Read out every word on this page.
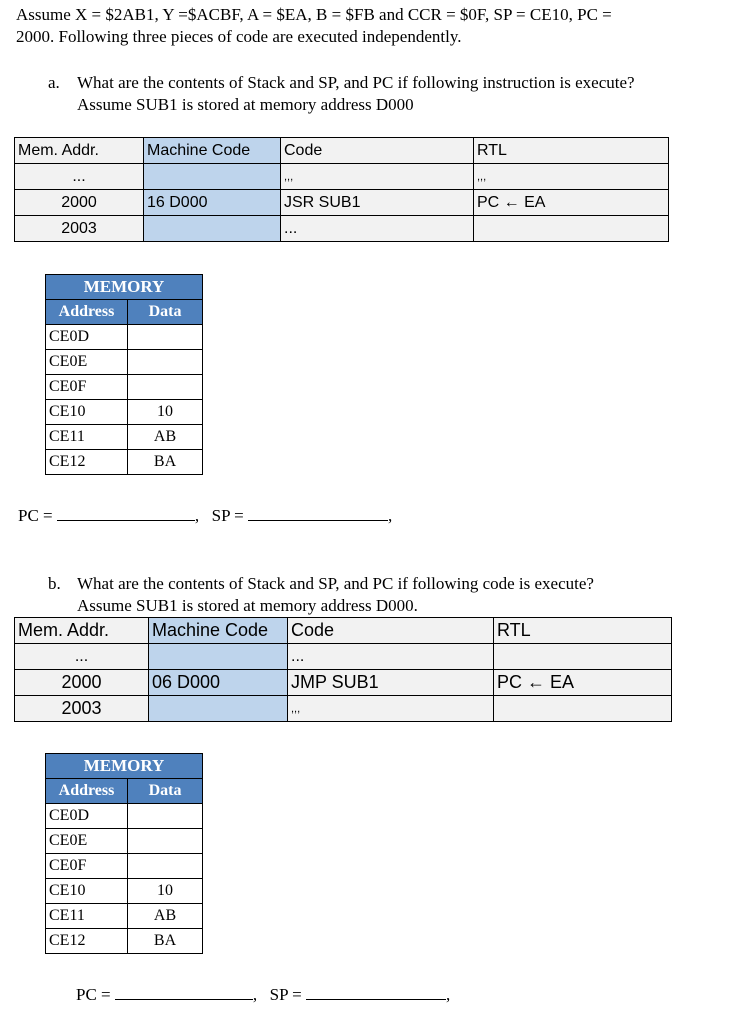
Assume X = $2AB1, Y =$ACBF, A = $EA, B = $FB and CCR = $0F, SP = CE10, PC =
2000. Following three pieces of code are executed independently.
a. What are the contents of Stack and SP, and PC if following instruction is execute?
Assume SUB1 is stored at memory address D000
Mem. Addr.	Machine Code	Code	RTL
...		,,,	,,,
2000	16 D000	JSR SUB1	PC ← EA
2003		...	
MEMORY	
Address	Data
CE0D	
CE0E	
CE0F	
CE10	10
CE11	AB
CE12	BA
PC =	, SP =	,
b. What are the contents of Stack and SP, and PC if following code is execute?
Assume SUB1 is stored at memory address D000.
Mem. Addr.	Machine Code	Code	RTL
...		...	
2000	06 D000	JMP SUB1	PC ← EA
2003		,,,	
MEMORY	
Address	Data
CE0D	
CE0E	
CE0F	
CE10	10
CE11	AB
CE12	BA
PC =	, SP =	,
